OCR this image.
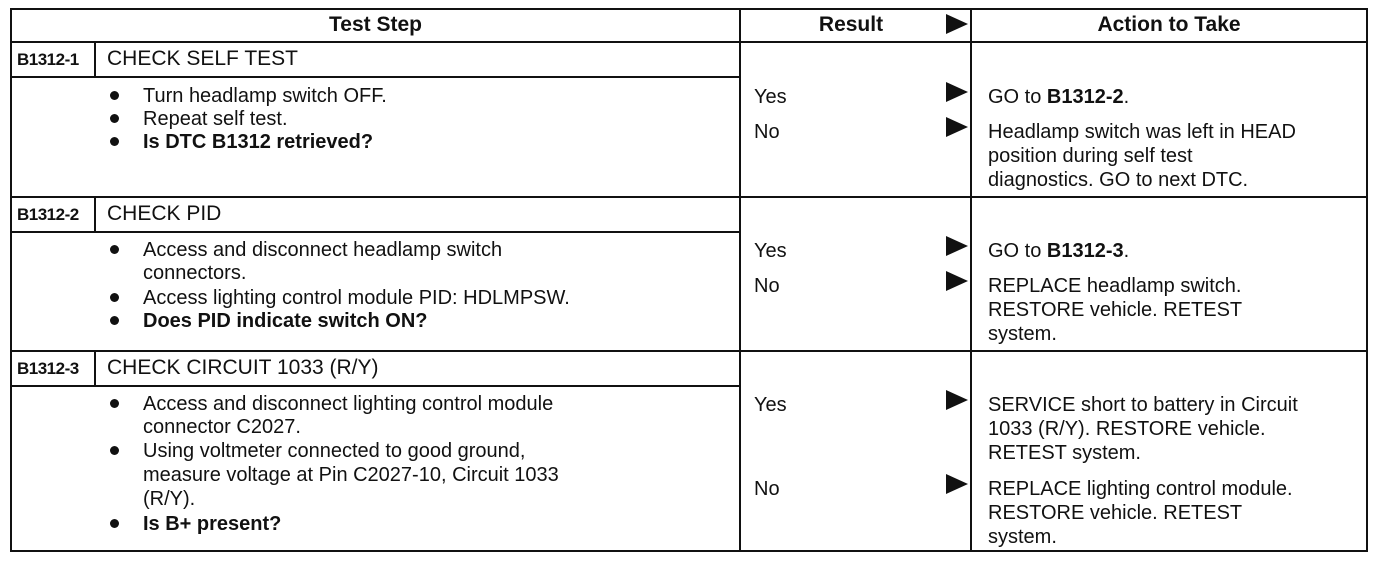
Test Step	Result	Action to Take
B1312-1 CHECK SELF TEST
Turn headlamp switch OFF.
Repeat self test.
Is DTC B1312 retrieved?
Yes
No
GO to B1312-2.
Headlamp switch was left in HEAD
position during self test
diagnostics. GO to next DTC.
B1312-2 CHECK PID
Access and disconnect headlamp switch
connectors.
Access lighting control module PID: HDLMPSW.
Does PID indicate switch ON?
Yes
No
GO to B1312-3.
REPLACE headlamp switch.
RESTORE vehicle. RETEST
system.
B1312-3 CHECK CIRCUIT 1033 (R/Y)
Access and disconnect lighting control module
connector C2027.
Using voltmeter connected to good ground,
measure voltage at Pin C2027-10, Circuit 1033
(R/Y).
Is B+ present?
Yes
No
SERVICE short to battery in Circuit
1033 (R/Y). RESTORE vehicle.
RETEST system.
REPLACE lighting control module.
RESTORE vehicle. RETEST
system.
